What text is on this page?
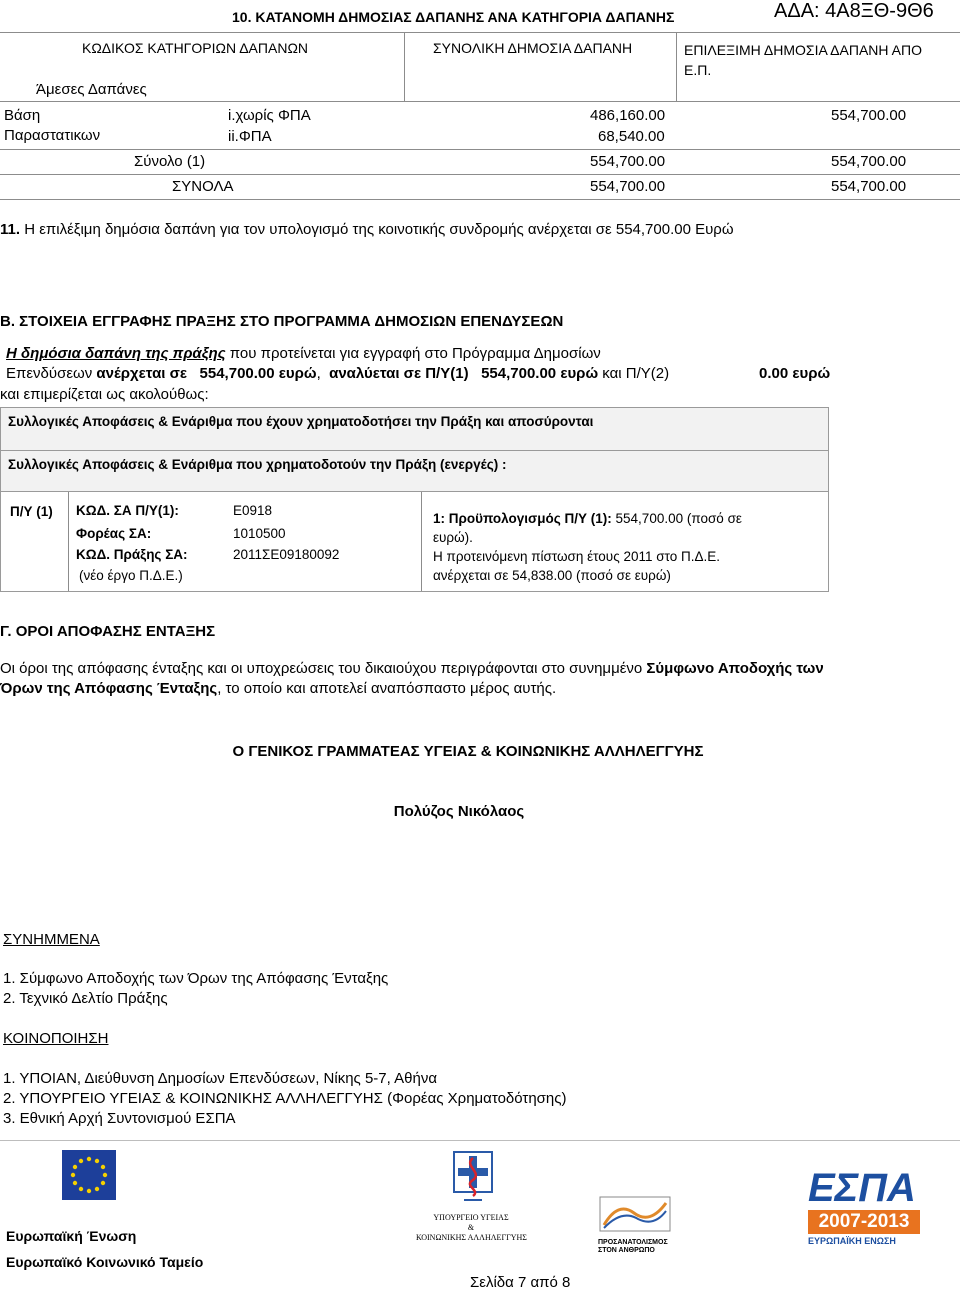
10. ΚΑΤΑΝΟΜΗ ΔΗΜΟΣΙΑΣ ΔΑΠΑΝΗΣ ΑΝΑ ΚΑΤΗΓΟΡΙΑ ΔΑΠΑΝΗΣ	ΑΔΑ: 4Α8ΞΘ-9Θ6
ΚΩΔΙΚΟΣ ΚΑΤΗΓΟΡΙΩΝ ΔΑΠΑΝΩΝ	ΣΥΝΟΛΙΚΗ ΔΗΜΟΣΙΑ ΔΑΠΑΝΗ	ΕΠΙΛΕΞΙΜΗ ΔΗΜΟΣΙΑ ΔΑΠΑΝΗ ΑΠΟ Ε.Π.
Άμεσες Δαπάνες
Βάση
Παραστατικων
i.χωρίς ΦΠΑ	486,160.00	554,700.00
ii.ΦΠΑ	68,540.00
Σύνολο (1)	554,700.00	554,700.00
ΣΥΝΟΛΑ	554,700.00	554,700.00
11. Η επιλέξιμη δημόσια δαπάνη για τον υπολογισμό της κοινοτικής συνδρομής ανέρχεται σε 554,700.00 Ευρώ
Β. ΣΤΟΙΧΕΙΑ ΕΓΓΡΑΦΗΣ ΠΡΑΞΗΣ ΣΤΟ ΠΡΟΓΡΑΜΜΑ ΔΗΜΟΣΙΩΝ ΕΠΕΝΔΥΣΕΩΝ
Η δημόσια δαπάνη της πράξης που προτείνεται για εγγραφή στο Πρόγραμμα Δημοσίων
Επενδύσεων ανέρχεται σε 554,700.00 ευρώ, αναλύεται σε Π/Υ(1) 554,700.00 ευρώ και Π/Υ(2)	0.00 ευρώ
και επιμερίζεται ως ακολούθως:
Συλλογικές Αποφάσεις & Ενάριθμα που έχουν χρηματοδοτήσει την Πράξη και αποσύρονται
Συλλογικές Αποφάσεις & Ενάριθμα που χρηματοδοτούν την Πράξη (ενεργές) :
Π/Υ (1) ΚΩΔ. ΣΑ Π/Υ(1):	Ε0918
Φορέας ΣΑ:	1010500
ΚΩΔ. Πράξης ΣΑ:	2011ΣΕ09180092
(νέο έργο Π.Δ.Ε.)
1: Προϋπολογισμός Π/Υ (1): 554,700.00 (ποσό σε
ευρώ).
Η προτεινόμενη πίστωση έτους 2011 στο Π.Δ.Ε.
ανέρχεται σε 54,838.00 (ποσό σε ευρώ)
Γ. ΟΡΟΙ ΑΠΟΦΑΣΗΣ ΕΝΤΑΞΗΣ
Οι όροι της απόφασης ένταξης και οι υποχρεώσεις του δικαιούχου περιγράφονται στο συνημμένο Σύμφωνο Αποδοχής των
Όρων της Απόφασης Ένταξης, το οποίο και αποτελεί αναπόσπαστο μέρος αυτής.
Ο ΓΕΝΙΚΟΣ ΓΡΑΜΜΑΤΕΑΣ ΥΓΕΙΑΣ & ΚΟΙΝΩΝΙΚΗΣ ΑΛΛΗΛΕΓΓΥΗΣ
Πολύζος Νικόλαος
ΣΥΝΗΜΜΕΝΑ
1. Σύμφωνο Αποδοχής των Όρων της Απόφασης Ένταξης
2. Τεχνικό Δελτίο Πράξης
ΚΟΙΝΟΠΟΙΗΣΗ
1. ΥΠΟΙΑΝ, Διεύθυνση Δημοσίων Επενδύσεων, Νίκης 5-7, Αθήνα
2. ΥΠΟΥΡΓΕΙΟ ΥΓΕΙΑΣ & ΚΟΙΝΩΝΙΚΗΣ ΑΛΛΗΛΕΓΓΥΗΣ (Φορέας Χρηματοδότησης)
3. Εθνική Αρχή Συντονισμού ΕΣΠΑ
Ευρωπαϊκή Ένωση
Ευρωπαϊκό Κοινωνικό Ταμείο
ΥΠΟΥΡΓΕΙΟ ΥΓΕΙΑΣ
&
ΚΟΙΝΩΝΙΚΗΣ ΑΛΛΗΛΕΓΓΥΗΣ
ΠΡΟΣΑΝΑΤΟΛΙΣΜΟΣ ΣΤΟΝ ΑΝΘΡΩΠΟ
ΕΣΠΑ
2007-2013
ΕΥΡΩΠΑΪΚΗ ΕΝΩΣΗ
Σελίδα 7 από 8
